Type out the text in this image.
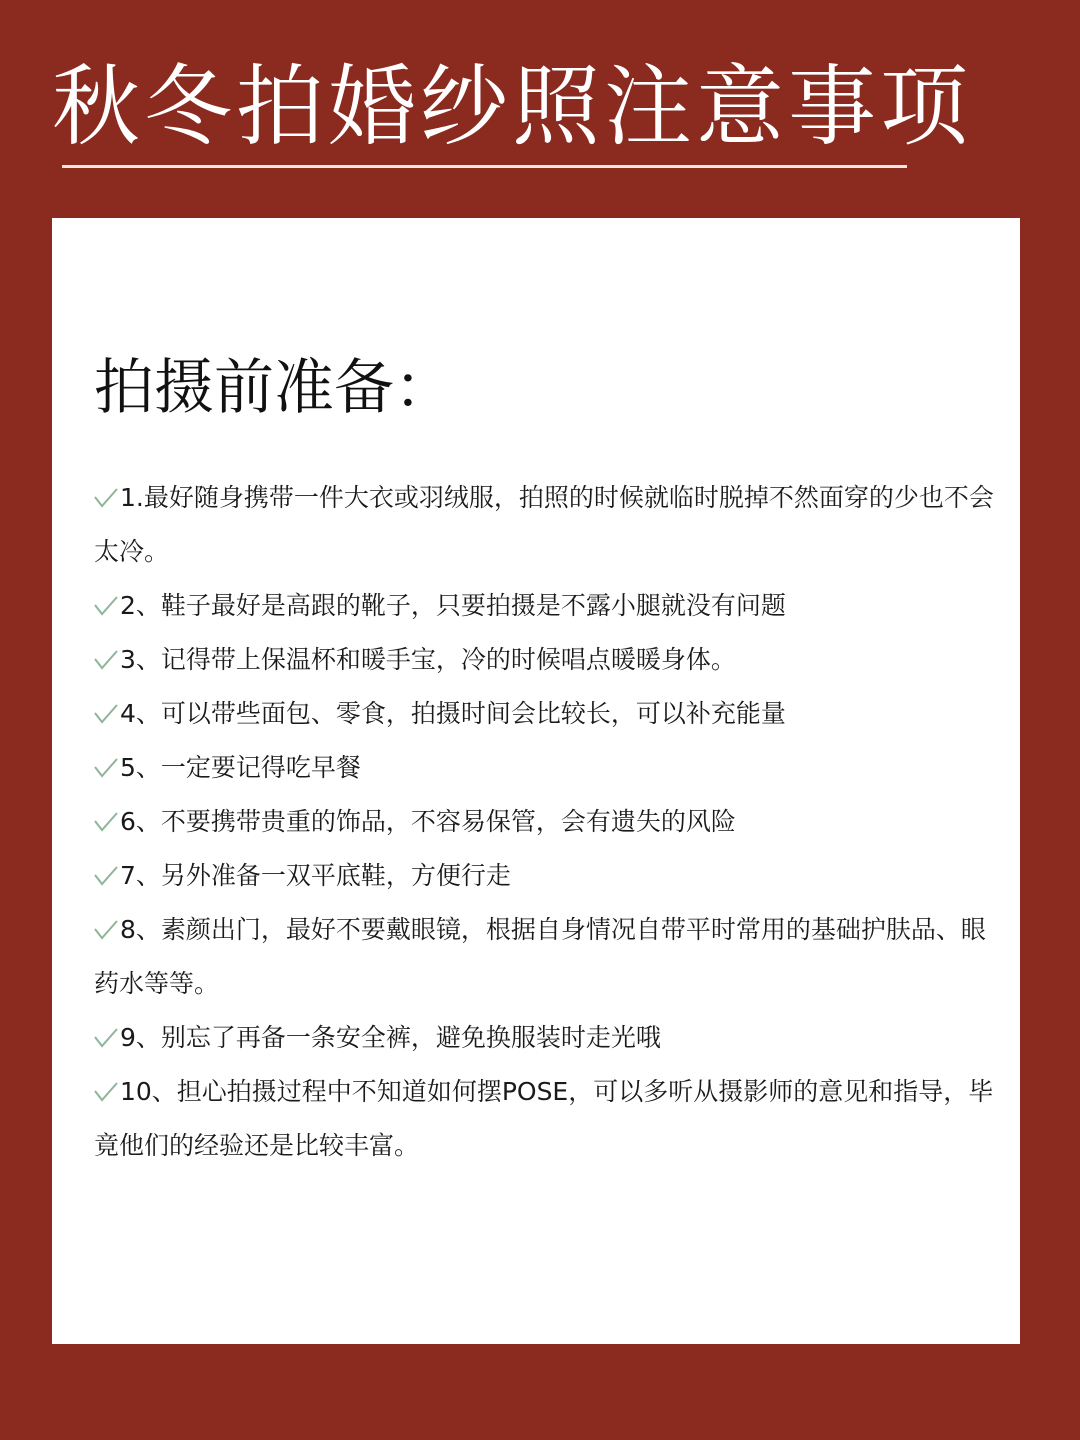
秋冬拍婚纱照注意事项
拍摄前准备：
1.最好随身携带一件大衣或羽绒服，拍照的时候就临时脱掉不然面穿的少也不会太冷。
2、鞋子最好是高跟的靴子，只要拍摄是不露小腿就没有问题
3、记得带上保温杯和暖手宝，冷的时候唱点暖暖身体。
4、可以带些面包、零食，拍摄时间会比较长，可以补充能量
5、一定要记得吃早餐
6、不要携带贵重的饰品，不容易保管，会有遗失的风险
7、另外准备一双平底鞋，方便行走
8、素颜出门，最好不要戴眼镜，根据自身情况自带平时常用的基础护肤品、眼药水等等。
9、别忘了再备一条安全裤，避免换服装时走光哦
10、担心拍摄过程中不知道如何摆POSE，可以多听从摄影师的意见和指导，毕竟他们的经验还是比较丰富。
